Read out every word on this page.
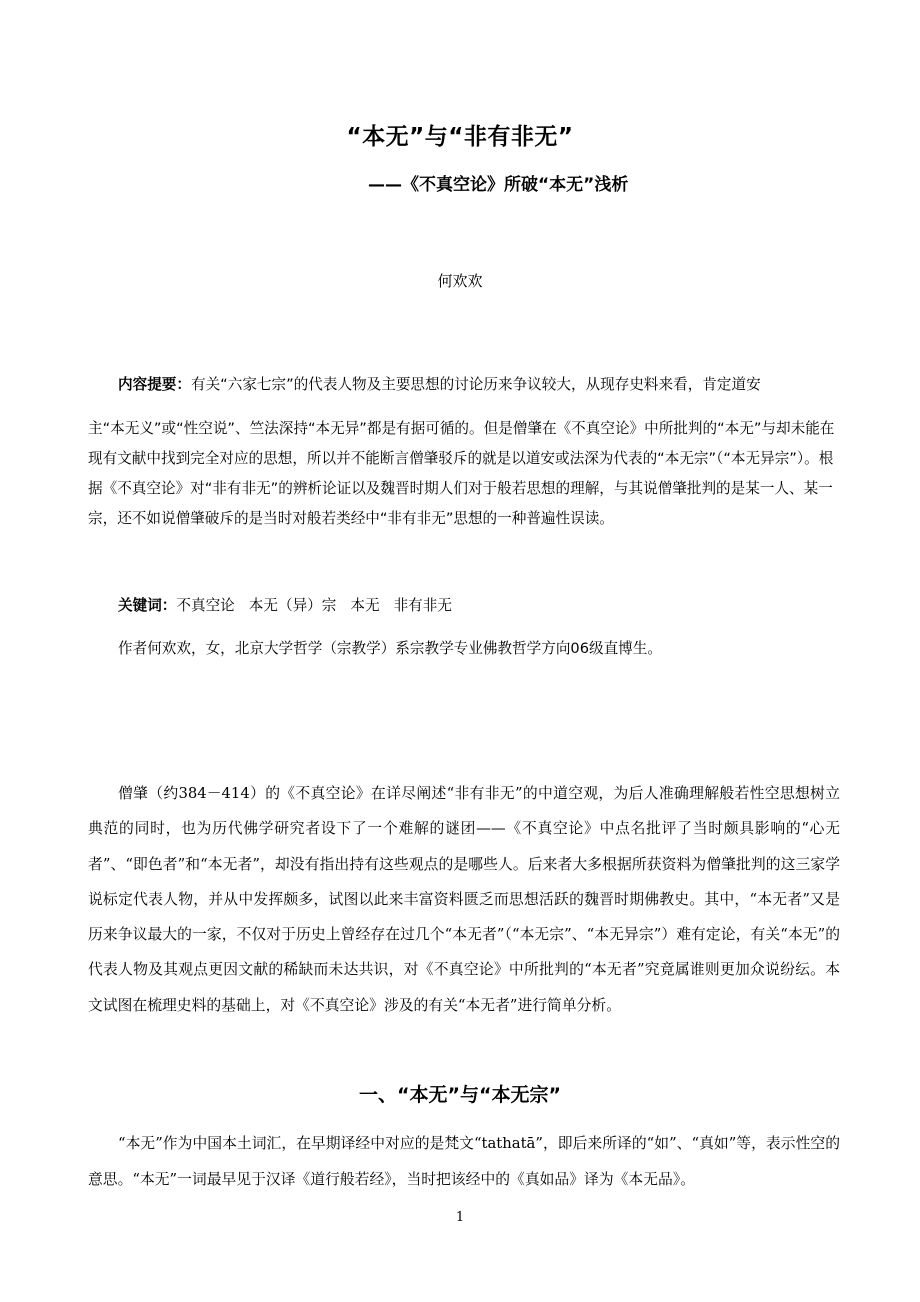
“本无”与“非有非无”
——《不真空论》所破“本无”浅析
何欢欢

内容提要：有关“六家七宗”的代表人物及主要思想的讨论历来争议较大，从现存史料来看，肯定道安

主“本无义”或“性空说”、竺法深持“本无异”都是有据可循的。但是僧肇在《不真空论》中所批判的“本无”与却未能在现有文献中找到完全对应的思想，所以并不能断言僧肇驳斥的就是以道安或法深为代表的“本无宗”（“本无异宗”）。根据《不真空论》对“非有非无”的辨析论证以及魏晋时期人们对于般若思想的理解，与其说僧肇批判的是某一人、某一宗，还不如说僧肇破斥的是当时对般若类经中“非有非无”思想的一种普遍性误读。

关键词：不真空论 本无（异）宗 本无 非有非无
作者何欢欢，女，北京大学哲学（宗教学）系宗教学专业佛教哲学方向06级直博生。

僧肇（约384－414）的《不真空论》在详尽阐述“非有非无”的中道空观，为后人准确理解般若性空思想树立典范的同时，也为历代佛学研究者设下了一个难解的谜团——《不真空论》中点名批评了当时颇具影响的“心无者”、“即色者”和“本无者”，却没有指出持有这些观点的是哪些人。后来者大多根据所获资料为僧肇批判的这三家学说标定代表人物，并从中发挥颇多，试图以此来丰富资料匮乏而思想活跃的魏晋时期佛教史。其中，“本无者”又是历来争议最大的一家，不仅对于历史上曾经存在过几个“本无者”（“本无宗”、“本无异宗”）难有定论，有关“本无”的代表人物及其观点更因文献的稀缺而未达共识，对《不真空论》中所批判的“本无者”究竟属谁则更加众说纷纭。本文试图在梳理史料的基础上，对《不真空论》涉及的有关“本无者”进行简单分析。

一、“本无”与“本无宗”

“本无”作为中国本土词汇，在早期译经中对应的是梵文“tathatā”，即后来所译的“如”、“真如”等，表示性空的意思。“本无”一词最早见于汉译《道行般若经》，当时把该经中的《真如品》译为《本无品》。

1
